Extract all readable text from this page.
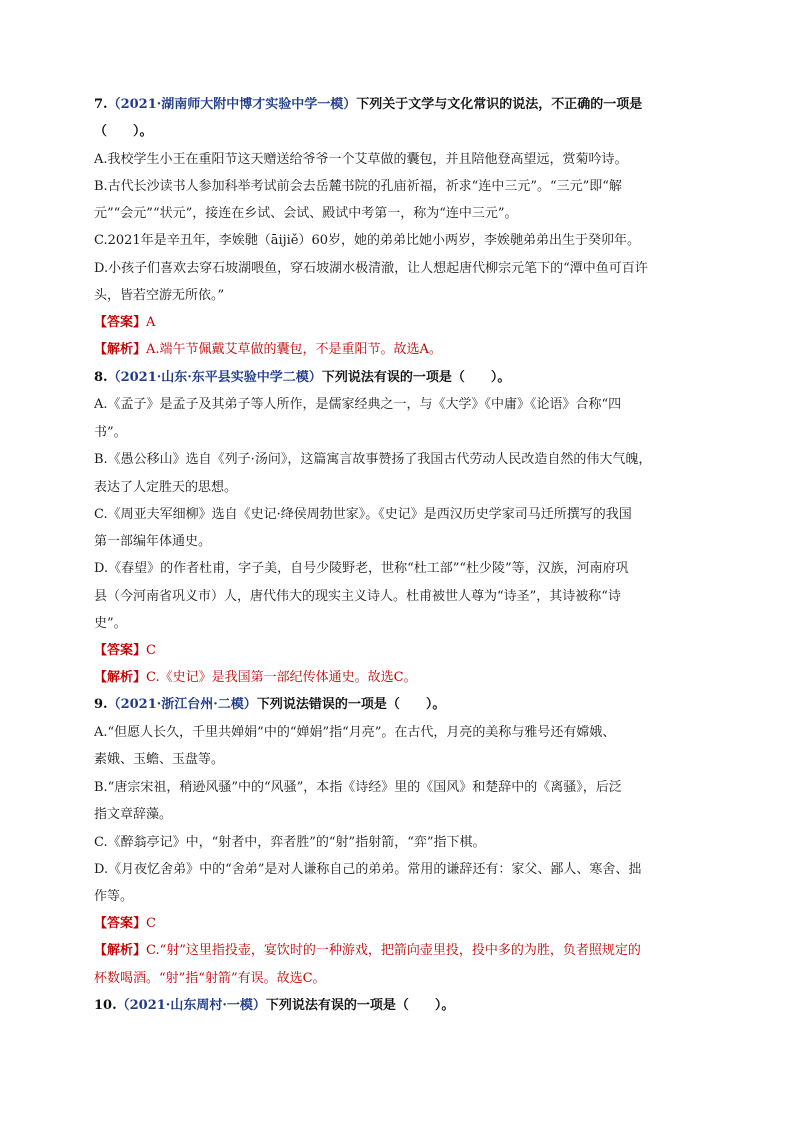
7.（2021·湖南师大附中博才实验中学一模）下列关于文学与文化常识的说法，不正确的一项是
（　　）。
A.我校学生小王在重阳节这天赠送给爷爷一个艾草做的囊包，并且陪他登高望远，赏菊吟诗。
B.古代长沙读书人参加科举考试前会去岳麓书院的孔庙祈福，祈求“连中三元”。“三元”即“解
元”“会元”“状元”，接连在乡试、会试、殿试中考第一，称为“连中三元”。
C.2021年是辛丑年，李娭毑（āijiě）60岁，她的弟弟比她小两岁，李娭毑弟弟出生于癸卯年。
D.小孩子们喜欢去穿石坡湖喂鱼，穿石坡湖水极清澈，让人想起唐代柳宗元笔下的“潭中鱼可百许
头，皆若空游无所依。”
【答案】A
【解析】A.端午节佩戴艾草做的囊包，不是重阳节。故选A。
8.（2021·山东·东平县实验中学二模）下列说法有误的一项是（　　）。
A.《孟子》是孟子及其弟子等人所作，是儒家经典之一，与《大学》《中庸》《论语》合称“四
书”。
B.《愚公移山》选自《列子·汤问》，这篇寓言故事赞扬了我国古代劳动人民改造自然的伟大气魄，
表达了人定胜天的思想。
C.《周亚夫军细柳》选自《史记·绛侯周勃世家》。《史记》是西汉历史学家司马迁所撰写的我国
第一部编年体通史。
D.《春望》的作者杜甫，字子美，自号少陵野老，世称“杜工部”“杜少陵”等，汉族，河南府巩
县（今河南省巩义市）人，唐代伟大的现实主义诗人。杜甫被世人尊为“诗圣”，其诗被称“诗
史”。
【答案】C
【解析】C.《史记》是我国第一部纪传体通史。故选C。
9.（2021·浙江台州·二模）下列说法错误的一项是（　　）。
A.“但愿人长久，千里共婵娟”中的“婵娟”指“月亮”。在古代，月亮的美称与雅号还有嫦娥、
素娥、玉蟾、玉盘等。
B.“唐宗宋祖，稍逊风骚”中的“风骚”，本指《诗经》里的《国风》和楚辞中的《离骚》，后泛
指文章辞藻。
C.《醉翁亭记》中，“射者中，弈者胜”的“射”指射箭，“弈”指下棋。
D.《月夜忆舍弟》中的“舍弟”是对人谦称自己的弟弟。常用的谦辞还有：家父、鄙人、寒舍、拙
作等。
【答案】C
【解析】C.“射”这里指投壶，宴饮时的一种游戏，把箭向壶里投，投中多的为胜，负者照规定的
杯数喝酒。“射”指“射箭”有误。故选C。
10.（2021·山东周村·一模）下列说法有误的一项是（　　）。
